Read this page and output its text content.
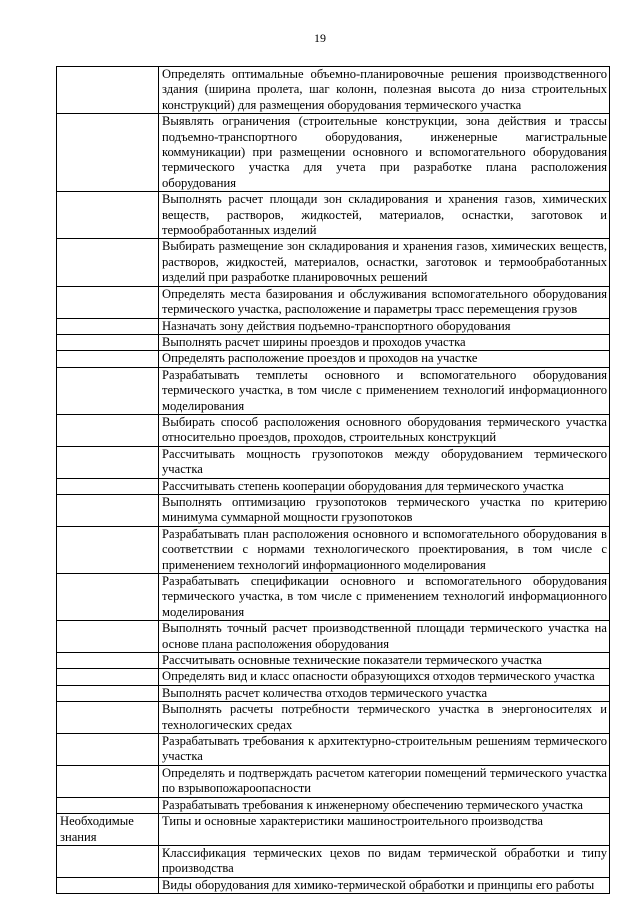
19
	Определять оптимальные объемно-планировочные решения производственного здания (ширина пролета, шаг колонн, полезная высота до низа строительных конструкций) для размещения оборудования термического участка
	Выявлять ограничения (строительные конструкции, зона действия и трассы подъемно-транспортного оборудования, инженерные магистральные коммуникации) при размещении основного и вспомогательного оборудования термического участка для учета при разработке плана расположения оборудования
	Выполнять расчет площади зон складирования и хранения газов, химических веществ, растворов, жидкостей, материалов, оснастки, заготовок и термообработанных изделий
	Выбирать размещение зон складирования и хранения газов, химических веществ, растворов, жидкостей, материалов, оснастки, заготовок и термообработанных изделий при разработке планировочных решений
	Определять места базирования и обслуживания вспомогательного оборудования термического участка, расположение и параметры трасс перемещения грузов
	Назначать зону действия подъемно-транспортного оборудования
	Выполнять расчет ширины проездов и проходов участка
	Определять расположение проездов и проходов на участке
	Разрабатывать темплеты основного и вспомогательного оборудования термического участка, в том числе с применением технологий информационного моделирования
	Выбирать способ расположения основного оборудования термического участка относительно проездов, проходов, строительных конструкций
	Рассчитывать мощность грузопотоков между оборудованием термического участка
	Рассчитывать степень кооперации оборудования для термического участка
	Выполнять оптимизацию грузопотоков термического участка по критерию минимума суммарной мощности грузопотоков
	Разрабатывать план расположения основного и вспомогательного оборудования в соответствии с нормами технологического проектирования, в том числе с применением технологий информационного моделирования
	Разрабатывать спецификации основного и вспомогательного оборудования термического участка, в том числе с применением технологий информационного моделирования
	Выполнять точный расчет производственной площади термического участка на основе плана расположения оборудования
	Рассчитывать основные технические показатели термического участка
	Определять вид и класс опасности образующихся отходов термического участка
	Выполнять расчет количества отходов термического участка
	Выполнять расчеты потребности термического участка в энергоносителях и технологических средах
	Разрабатывать требования к архитектурно-строительным решениям термического участка
	Определять и подтверждать расчетом категории помещений термического участка по взрывопожароопасности
	Разрабатывать требования к инженерному обеспечению термического участка
Необходимые знания	Типы и основные характеристики машиностроительного производства
	Классификация термических цехов по видам термической обработки и типу производства
	Виды оборудования для химико-термической обработки и принципы его работы
